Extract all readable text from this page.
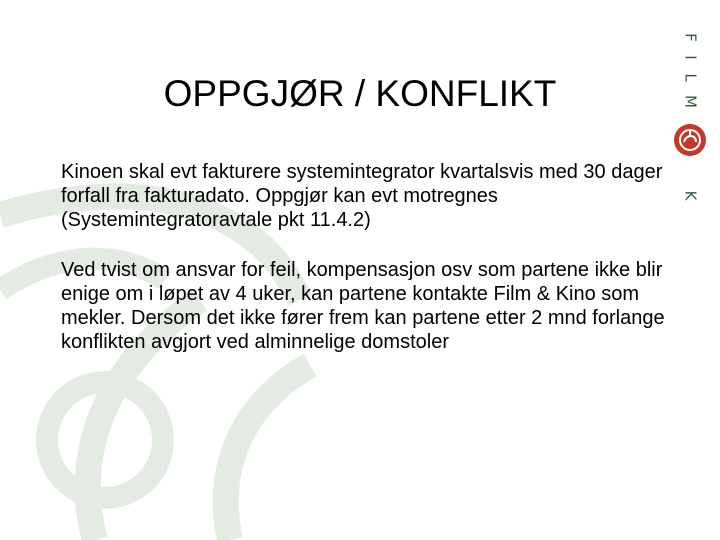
OPPGJØR / KONFLIKT
Kinoen skal evt fakturere systemintegrator kvartalsvis med 30 dager forfall fra fakturadato. Oppgjør kan evt motregnes (Systemintegratoravtale pkt 11.4.2)
Ved tvist om ansvar for feil, kompensasjon osv som partene ikke blir enige om i løpet av 4 uker, kan partene kontakte Film & Kino som mekler. Dersom det ikke fører frem kan partene etter 2 mnd forlange konflikten avgjort ved alminnelige domstoler
F
I
L
M
K
